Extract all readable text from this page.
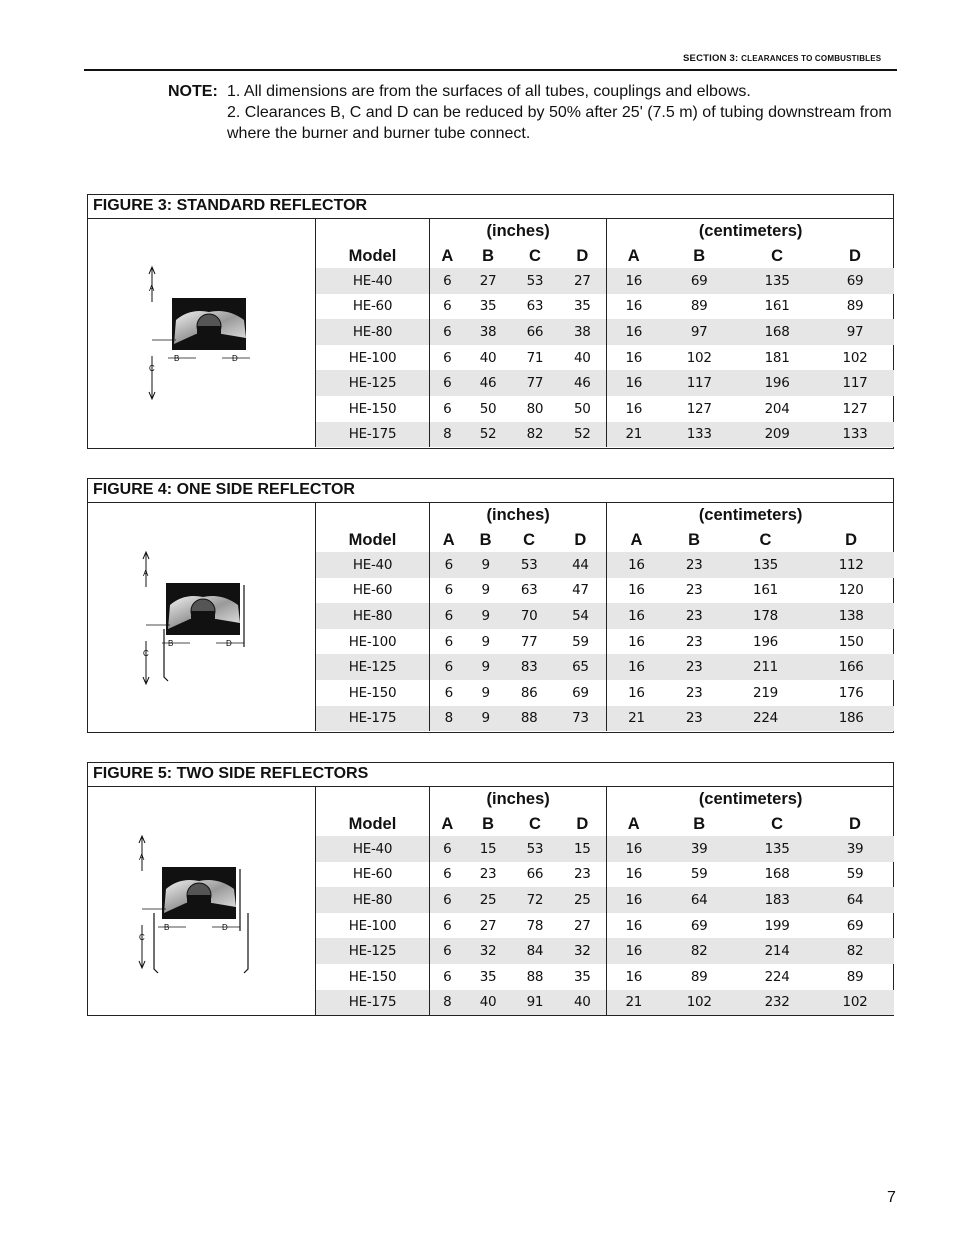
SECTION 3: CLEARANCES TO COMBUSTIBLES
NOTE: 1. All dimensions are from the surfaces of all tubes, couplings and elbows.
2. Clearances B, C and D can be reduced by 50% after 25' (7.5 m) of tubing downstream from where the burner and burner tube connect.
FIGURE 3: STANDARD REFLECTOR
A
C
B	D
	(inches)				(centimeters)			
Model	A	B	C	D	A	B	C	D
HE-40	6	27	53	27	16	69	135	69
HE-60	6	35	63	35	16	89	161	89
HE-80	6	38	66	38	16	97	168	97
HE-100	6	40	71	40	16	102	181	102
HE-125	6	46	77	46	16	117	196	117
HE-150	6	50	80	50	16	127	204	127
HE-175	8	52	82	52	21	133	209	133
FIGURE 4: ONE SIDE REFLECTOR
A
C
B	D
	(inches)				(centimeters)			
Model	A	B	C	D	A	B	C	D
HE-40	6	9	53	44	16	23	135	112
HE-60	6	9	63	47	16	23	161	120
HE-80	6	9	70	54	16	23	178	138
HE-100	6	9	77	59	16	23	196	150
HE-125	6	9	83	65	16	23	211	166
HE-150	6	9	86	69	16	23	219	176
HE-175	8	9	88	73	21	23	224	186
FIGURE 5: TWO SIDE REFLECTORS
A
C
B	D
	(inches)				(centimeters)			
Model	A	B	C	D	A	B	C	D
HE-40	6	15	53	15	16	39	135	39
HE-60	6	23	66	23	16	59	168	59
HE-80	6	25	72	25	16	64	183	64
HE-100	6	27	78	27	16	69	199	69
HE-125	6	32	84	32	16	82	214	82
HE-150	6	35	88	35	16	89	224	89
HE-175	8	40	91	40	21	102	232	102
7
